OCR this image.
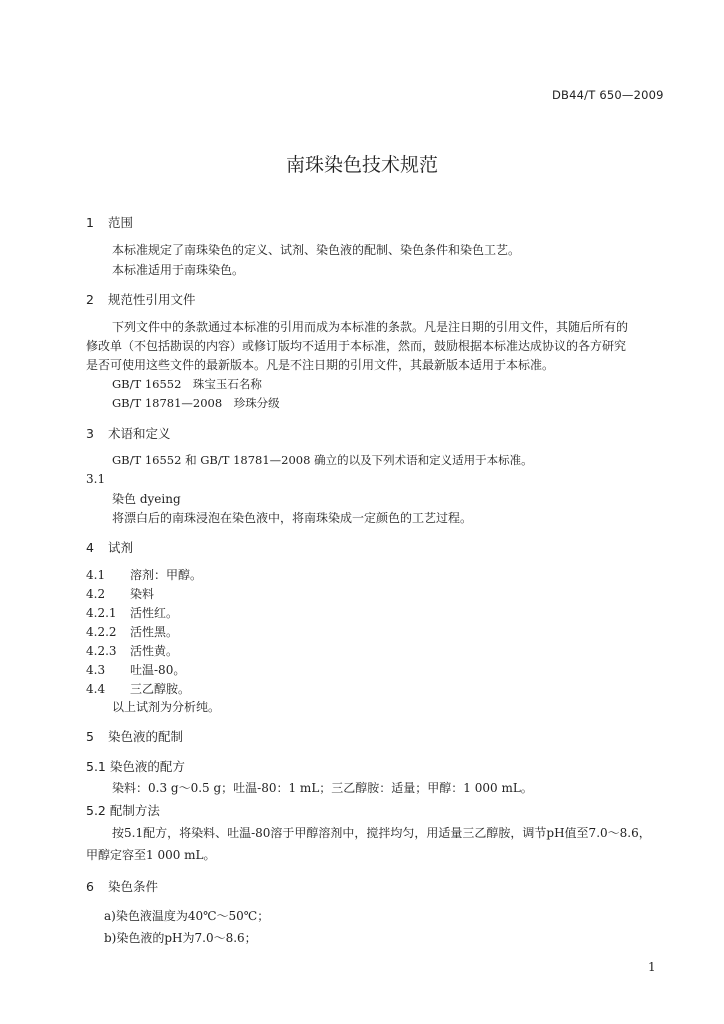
DB44/T 650—2009
南珠染色技术规范
1 范围
本标准规定了南珠染色的定义、试剂、染色液的配制、染色条件和染色工艺。
本标准适用于南珠染色。
2 规范性引用文件
下列文件中的条款通过本标准的引用而成为本标准的条款。凡是注日期的引用文件，其随后所有的
修改单（不包括勘误的内容）或修订版均不适用于本标准，然而，鼓励根据本标准达成协议的各方研究
是否可使用这些文件的最新版本。凡是不注日期的引用文件，其最新版本适用于本标准。
GB/T 16552　珠宝玉石名称
GB/T 18781—2008　珍珠分级
3 术语和定义
GB/T 16552 和 GB/T 18781—2008 确立的以及下列术语和定义适用于本标准。
3.1
染色 dyeing
将漂白后的南珠浸泡在染色液中，将南珠染成一定颜色的工艺过程。
4 试剂
4.1 溶剂：甲醇。
4.2 染料
4.2.1 活性红。
4.2.2 活性黑。
4.2.3 活性黄。
4.3 吐温-80。
4.4 三乙醇胺。
以上试剂为分析纯。
5 染色液的配制
5.1 染色液的配方
染料：0.3 g～0.5 g；吐温-80：1 mL；三乙醇胺：适量；甲醇：1 000 mL。
5.2 配制方法
按5.1配方，将染料、吐温-80溶于甲醇溶剂中，搅拌均匀，用适量三乙醇胺，调节pH值至7.0～8.6，
甲醇定容至1 000 mL。
6 染色条件
a)染色液温度为40℃～50℃；
b)染色液的pH为7.0～8.6；
1
